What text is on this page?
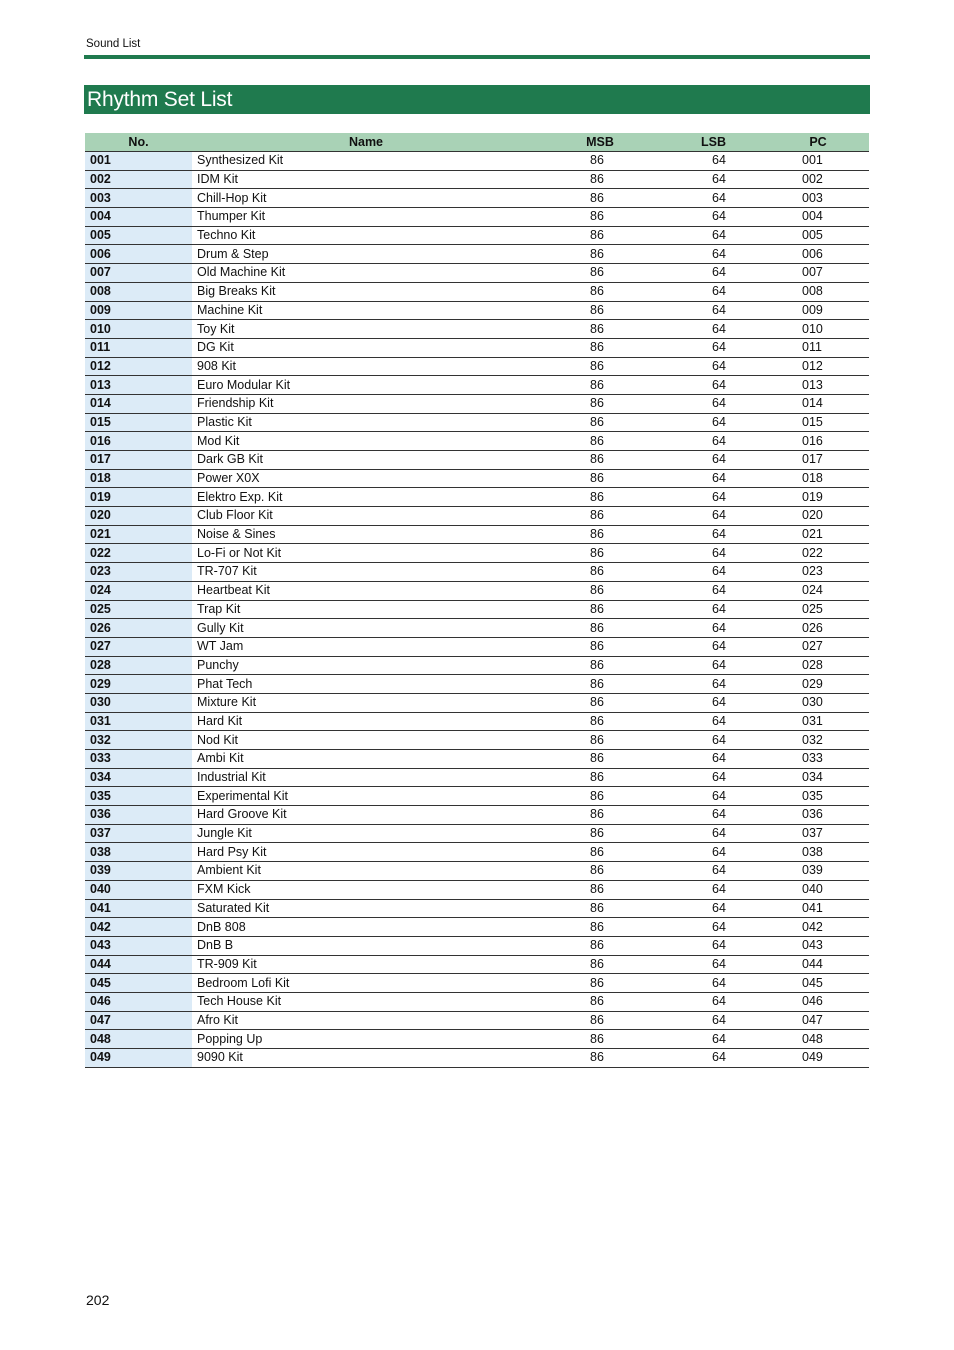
Sound List
Rhythm Set List
No.	Name	MSB	LSB	PC
001	Synthesized Kit	86	64	001
002	IDM Kit	86	64	002
003	Chill-Hop Kit	86	64	003
004	Thumper Kit	86	64	004
005	Techno Kit	86	64	005
006	Drum & Step	86	64	006
007	Old Machine Kit	86	64	007
008	Big Breaks Kit	86	64	008
009	Machine Kit	86	64	009
010	Toy Kit	86	64	010
011	DG Kit	86	64	011
012	908 Kit	86	64	012
013	Euro Modular Kit	86	64	013
014	Friendship Kit	86	64	014
015	Plastic Kit	86	64	015
016	Mod Kit	86	64	016
017	Dark GB Kit	86	64	017
018	Power X0X	86	64	018
019	Elektro Exp. Kit	86	64	019
020	Club Floor Kit	86	64	020
021	Noise & Sines	86	64	021
022	Lo-Fi or Not Kit	86	64	022
023	TR-707 Kit	86	64	023
024	Heartbeat Kit	86	64	024
025	Trap Kit	86	64	025
026	Gully Kit	86	64	026
027	WT Jam	86	64	027
028	Punchy	86	64	028
029	Phat Tech	86	64	029
030	Mixture Kit	86	64	030
031	Hard Kit	86	64	031
032	Nod Kit	86	64	032
033	Ambi Kit	86	64	033
034	Industrial Kit	86	64	034
035	Experimental Kit	86	64	035
036	Hard Groove Kit	86	64	036
037	Jungle Kit	86	64	037
038	Hard Psy Kit	86	64	038
039	Ambient Kit	86	64	039
040	FXM Kick	86	64	040
041	Saturated Kit	86	64	041
042	DnB 808	86	64	042
043	DnB B	86	64	043
044	TR-909 Kit	86	64	044
045	Bedroom Lofi Kit	86	64	045
046	Tech House Kit	86	64	046
047	Afro Kit	86	64	047
048	Popping Up	86	64	048
049	9090 Kit	86	64	049
202
